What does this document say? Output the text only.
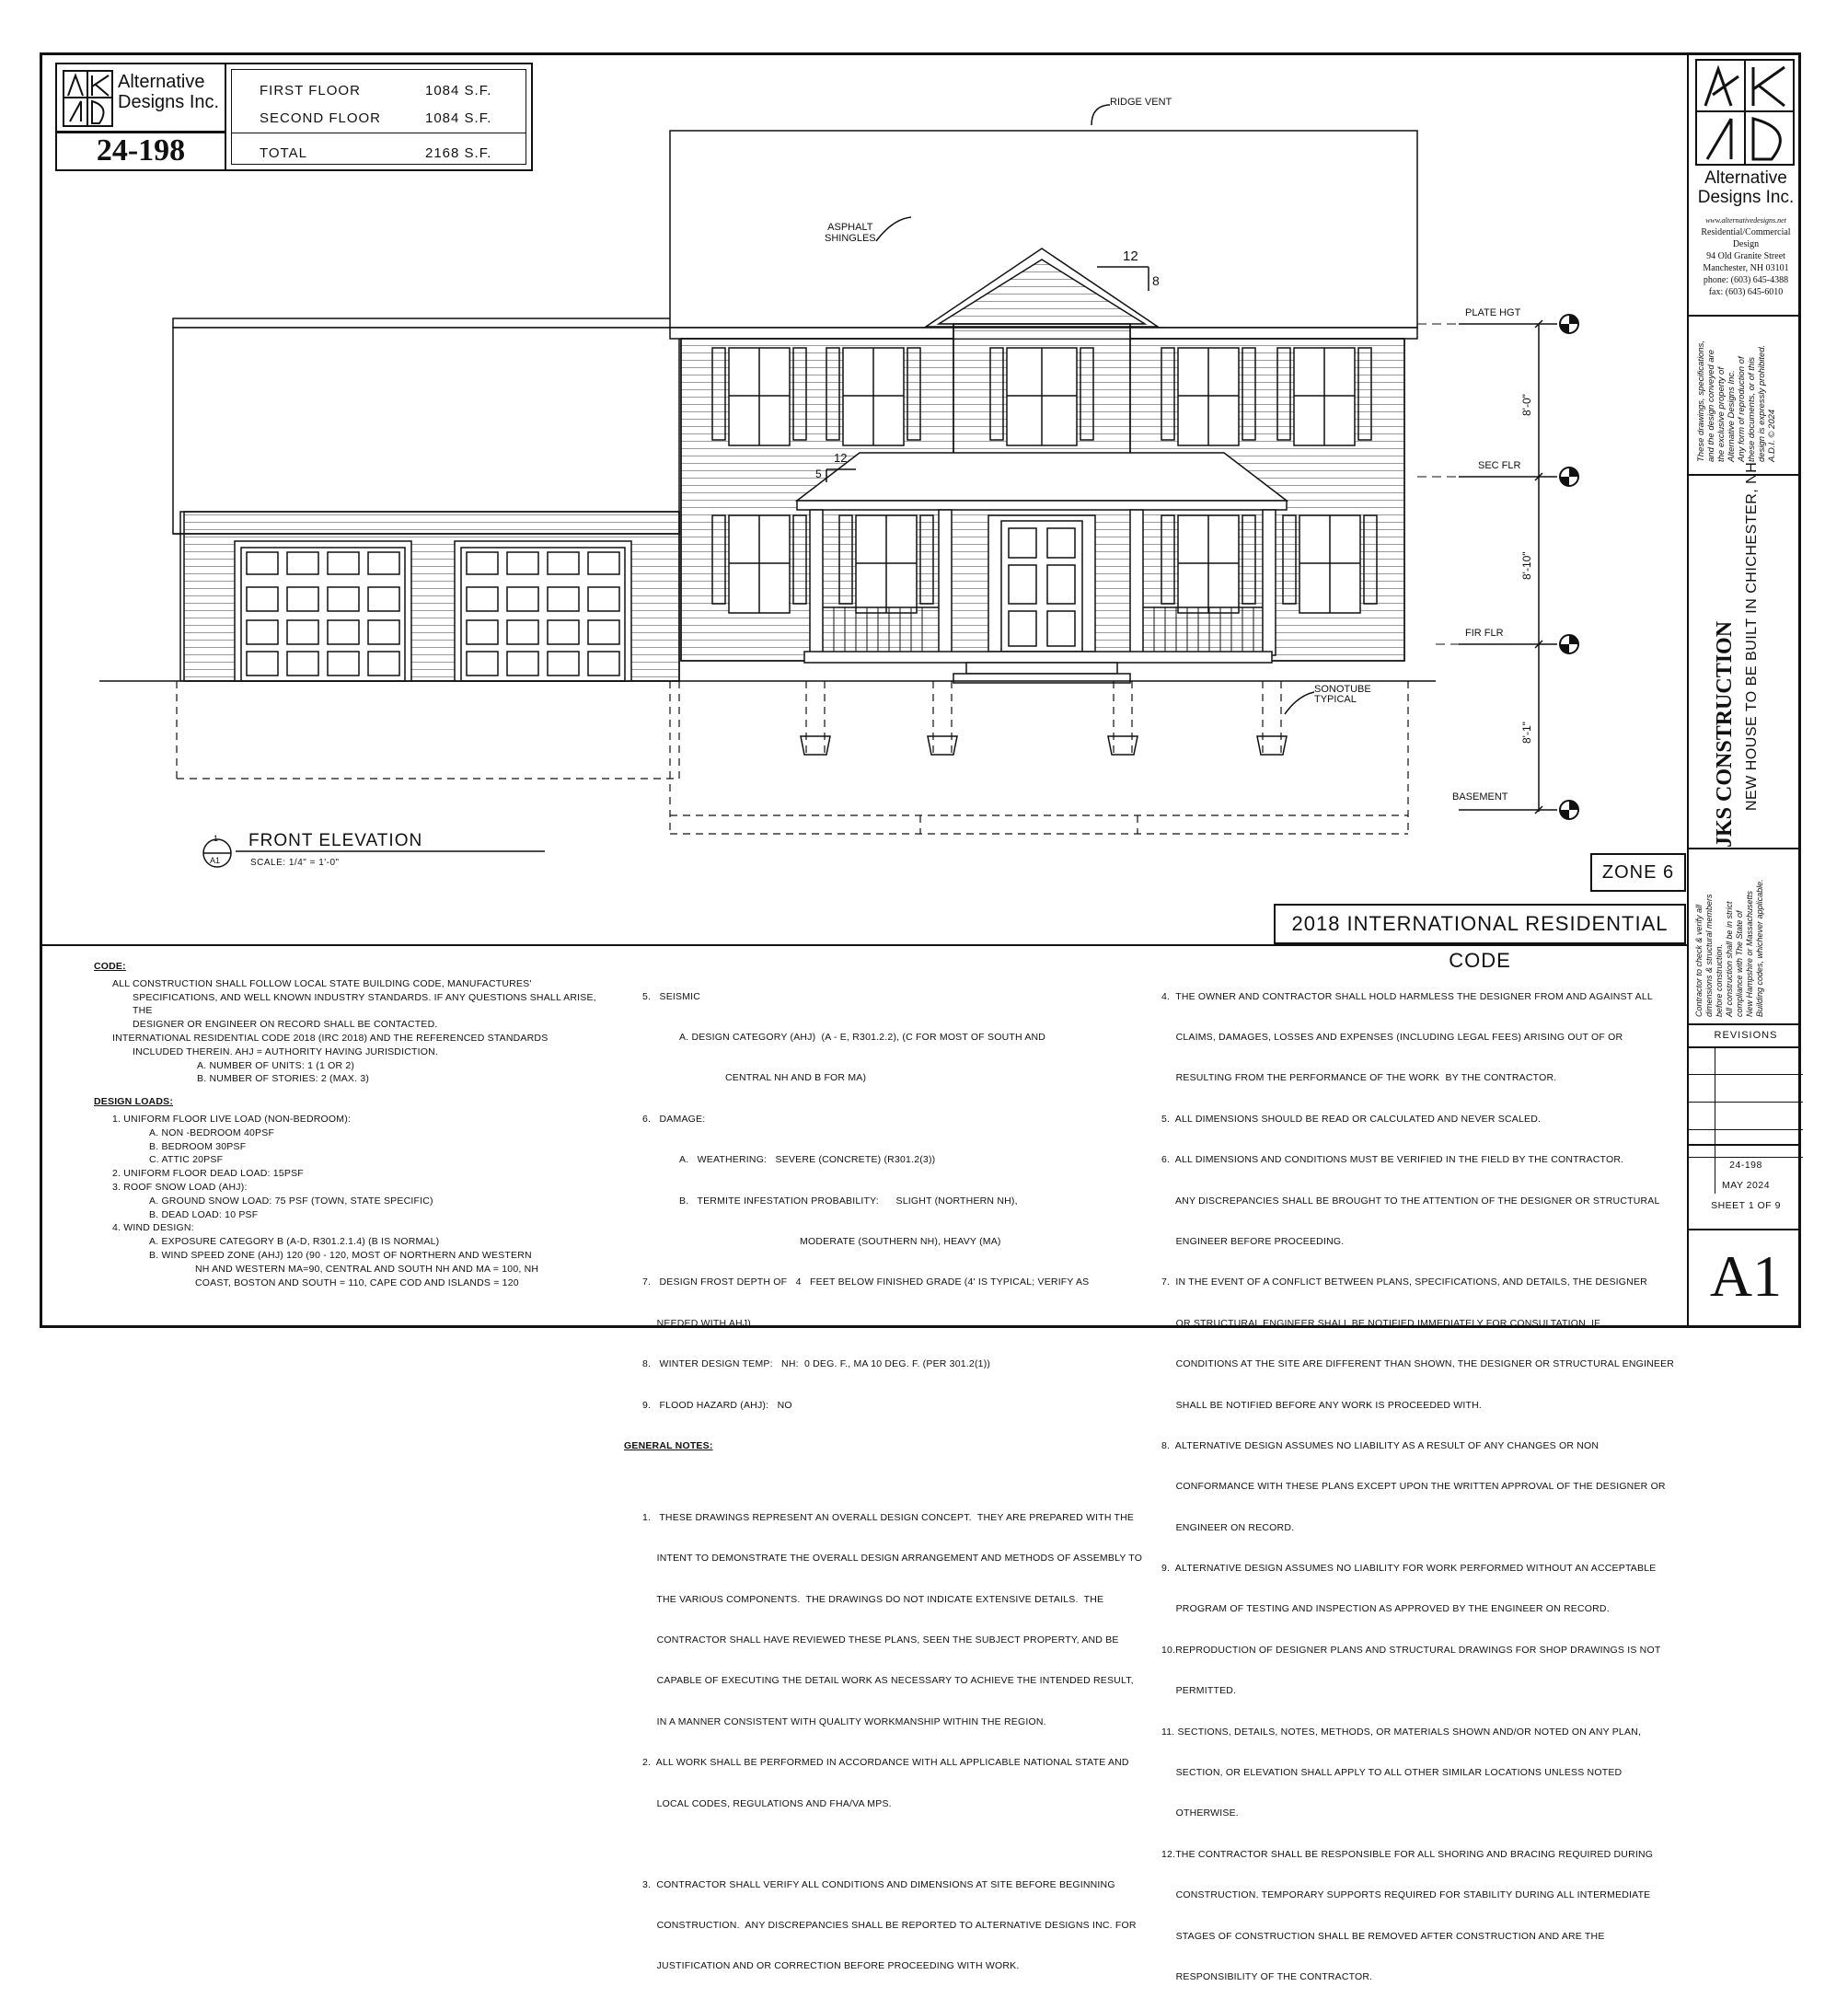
Alternative
Designs Inc.
24-198
FIRST FLOOR	1084 S.F.
SECOND FLOOR	1084 S.F.
TOTAL	2168 S.F.
RIDGE VENT
ASPHALT
SHINGLES
12
8
12
5
SONOTUBE
TYPICAL
PLATE HGT
SEC FLR
FIR FLR
BASEMENT
8'-0"
8'-10"
8'-1"
1
A1
FRONT ELEVATION
SCALE: 1/4" = 1'-0"	ZONE 6
2018 INTERNATIONAL RESIDENTIAL CODE

CODE:

ALL CONSTRUCTION SHALL FOLLOW LOCAL STATE BUILDING CODE, MANUFACTURES'

SPECIFICATIONS, AND WELL KNOWN INDUSTRY STANDARDS. IF ANY QUESTIONS SHALL ARISE, THE

DESIGNER OR ENGINEER ON RECORD SHALL BE CONTACTED.

INTERNATIONAL RESIDENTIAL CODE 2018 (IRC 2018) AND THE REFERENCED STANDARDS

INCLUDED THEREIN. AHJ = AUTHORITY HAVING JURISDICTION.

A. NUMBER OF UNITS: 1 (1 OR 2)

B. NUMBER OF STORIES: 2 (MAX. 3)

DESIGN LOADS:

1. UNIFORM FLOOR LIVE LOAD (NON-BEDROOM):

A. NON -BEDROOM 40PSF

B. BEDROOM 30PSF

C. ATTIC 20PSF

2. UNIFORM FLOOR DEAD LOAD: 15PSF

3. ROOF SNOW LOAD (AHJ):

A. GROUND SNOW LOAD: 75 PSF (TOWN, STATE SPECIFIC)

B. DEAD LOAD: 10 PSF

4. WIND DESIGN:

A. EXPOSURE CATEGORY B (A-D, R301.2.1.4) (B IS NORMAL)

B. WIND SPEED ZONE (AHJ) 120 (90 - 120, MOST OF NORTHERN AND WESTERN

NH AND WESTERN MA=90, CENTRAL AND SOUTH NH AND MA = 100, NH

COAST, BOSTON AND SOUTH = 110, CAPE COD AND ISLANDS = 120

5.   SEISMIC

A. DESIGN CATEGORY (AHJ)  (A - E, R301.2.2), (C FOR MOST OF SOUTH AND

CENTRAL NH AND B FOR MA)

6.   DAMAGE:

A.   WEATHERING:   SEVERE (CONCRETE) (R301.2(3))

B.   TERMITE INFESTATION PROBABILITY:      SLIGHT (NORTHERN NH),

MODERATE (SOUTHERN NH), HEAVY (MA)

7.   DESIGN FROST DEPTH OF   4   FEET BELOW FINISHED GRADE (4' IS TYPICAL; VERIFY AS

NEEDED WITH AHJ)

8.   WINTER DESIGN TEMP:   NH:  0 DEG. F., MA 10 DEG. F. (PER 301.2(1))

9.   FLOOD HAZARD (AHJ):   NO

GENERAL NOTES:

1.   THESE DRAWINGS REPRESENT AN OVERALL DESIGN CONCEPT.  THEY ARE PREPARED WITH THE

INTENT TO DEMONSTRATE THE OVERALL DESIGN ARRANGEMENT AND METHODS OF ASSEMBLY TO

THE VARIOUS COMPONENTS.  THE DRAWINGS DO NOT INDICATE EXTENSIVE DETAILS.  THE

CONTRACTOR SHALL HAVE REVIEWED THESE PLANS, SEEN THE SUBJECT PROPERTY, AND BE

CAPABLE OF EXECUTING THE DETAIL WORK AS NECESSARY TO ACHIEVE THE INTENDED RESULT,

IN A MANNER CONSISTENT WITH QUALITY WORKMANSHIP WITHIN THE REGION.

2.  ALL WORK SHALL BE PERFORMED IN ACCORDANCE WITH ALL APPLICABLE NATIONAL STATE AND

LOCAL CODES, REGULATIONS AND FHA/VA MPS.

3.  CONTRACTOR SHALL VERIFY ALL CONDITIONS AND DIMENSIONS AT SITE BEFORE BEGINNING

CONSTRUCTION.  ANY DISCREPANCIES SHALL BE REPORTED TO ALTERNATIVE DESIGNS INC. FOR

JUSTIFICATION AND OR CORRECTION BEFORE PROCEEDING WITH WORK.

4.  THE OWNER AND CONTRACTOR SHALL HOLD HARMLESS THE DESIGNER FROM AND AGAINST ALL

CLAIMS, DAMAGES, LOSSES AND EXPENSES (INCLUDING LEGAL FEES) ARISING OUT OF OR

RESULTING FROM THE PERFORMANCE OF THE WORK  BY THE CONTRACTOR.

5.  ALL DIMENSIONS SHOULD BE READ OR CALCULATED AND NEVER SCALED.

6.  ALL DIMENSIONS AND CONDITIONS MUST BE VERIFIED IN THE FIELD BY THE CONTRACTOR.

ANY DISCREPANCIES SHALL BE BROUGHT TO THE ATTENTION OF THE DESIGNER OR STRUCTURAL

ENGINEER BEFORE PROCEEDING.

7.  IN THE EVENT OF A CONFLICT BETWEEN PLANS, SPECIFICATIONS, AND DETAILS, THE DESIGNER

OR STRUCTURAL ENGINEER SHALL BE NOTIFIED IMMEDIATELY FOR CONSULTATION. IF

CONDITIONS AT THE SITE ARE DIFFERENT THAN SHOWN, THE DESIGNER OR STRUCTURAL ENGINEER

SHALL BE NOTIFIED BEFORE ANY WORK IS PROCEEDED WITH.

8.  ALTERNATIVE DESIGN ASSUMES NO LIABILITY AS A RESULT OF ANY CHANGES OR NON

CONFORMANCE WITH THESE PLANS EXCEPT UPON THE WRITTEN APPROVAL OF THE DESIGNER OR

ENGINEER ON RECORD.

9.  ALTERNATIVE DESIGN ASSUMES NO LIABILITY FOR WORK PERFORMED WITHOUT AN ACCEPTABLE

PROGRAM OF TESTING AND INSPECTION AS APPROVED BY THE ENGINEER ON RECORD.

10.REPRODUCTION OF DESIGNER PLANS AND STRUCTURAL DRAWINGS FOR SHOP DRAWINGS IS NOT

PERMITTED.

11. SECTIONS, DETAILS, NOTES, METHODS, OR MATERIALS SHOWN AND/OR NOTED ON ANY PLAN,

SECTION, OR ELEVATION SHALL APPLY TO ALL OTHER SIMILAR LOCATIONS UNLESS NOTED

OTHERWISE.

12.THE CONTRACTOR SHALL BE RESPONSIBLE FOR ALL SHORING AND BRACING REQUIRED DURING

CONSTRUCTION. TEMPORARY SUPPORTS REQUIRED FOR STABILITY DURING ALL INTERMEDIATE

STAGES OF CONSTRUCTION SHALL BE REMOVED AFTER CONSTRUCTION AND ARE THE

RESPONSIBILITY OF THE CONTRACTOR.

Alternative
Designs Inc.
www.alternativedesigns.net
Residential/Commercial
Design
94 Old Granite Street
Manchester, NH 03101
phone: (603) 645-4388
fax: (603) 645-6010
These drawings, specifications, and the design conveyed are the exclusive property of Alternative Designs Inc. Any form of reproduction of these documents, or of this design is expressly prohibited. A.D.I. © 2024
JKS CONSTRUCTION NEW HOUSE TO BE BUILT IN CHICHESTER, NH
Contractor to check & verify all dimensions & structural members before construction. All construction shall be in strict compliance with The State of New Hampshire or Massachusetts Building codes, whichever applicable.
REVISIONS
24-198
MAY 2024
SHEET 1 OF 9
A1
